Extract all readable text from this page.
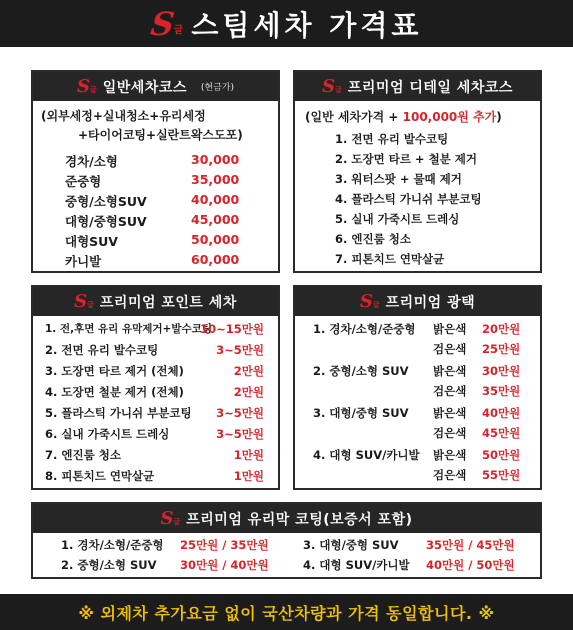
S
글 스팀세차 가격표
S 글 일반세차코스 (현금가)
(외부세정+실내청소+유리세정
+타이어코팅+실란트왁스도포)
경차/소형	30,000
준중형	35,000
중형/소형SUV	40,000
대형/중형SUV	45,000
대형SUV	50,000
카니발	60,000
S 글 프리미엄 디테일 세차코스
(일반 세차가격 + 100,000원 추가)
1. 전면 유리 발수코팅
2. 도장면 타르 + 철분 제거
3. 워터스팟 + 물때 제거
4. 플라스틱 가니쉬 부분코팅
5. 실내 가죽시트 드레싱
6. 엔진룸 청소
7. 피톤치드 연막살균
S 글 프리미엄 포인트 세차
1. 전,후면 유리 유막제거+발수코팅
10~15만원
2. 전면 유리 발수코팅	3~5만원
3. 도장면 타르 제거 (전체)	2만원
4. 도장면 철분 제거 (전체)	2만원
5. 플라스틱 가니쉬 부분코팅 3~5만원
6. 실내 가죽시트 드레싱	3~5만원
7. 엔진룸 청소	1만원
8. 피톤치드 연막살균	1만원
S 글 프리미엄 광택
1. 경차/소형/준중형 밝은색 20만원
검은색 25만원
2. 중형/소형 SUV 밝은색 30만원
검은색 35만원
3. 대형/중형 SUV 밝은색 40만원
검은색 45만원
4. 대형 SUV/카니발 밝은색 50만원
검은색 55만원
S 글 프리미엄 유리막 코팅(보증서 포함)
1. 경차/소형/준중형 25만원 / 35만원
2. 중형/소형 SUV 30만원 / 40만원
3. 대형/중형 SUV 35만원 / 45만원
4. 대형 SUV/카니발 40만원 / 50만원
※ 외제차 추가요금 없이 국산차량과 가격 동일합니다. ※
